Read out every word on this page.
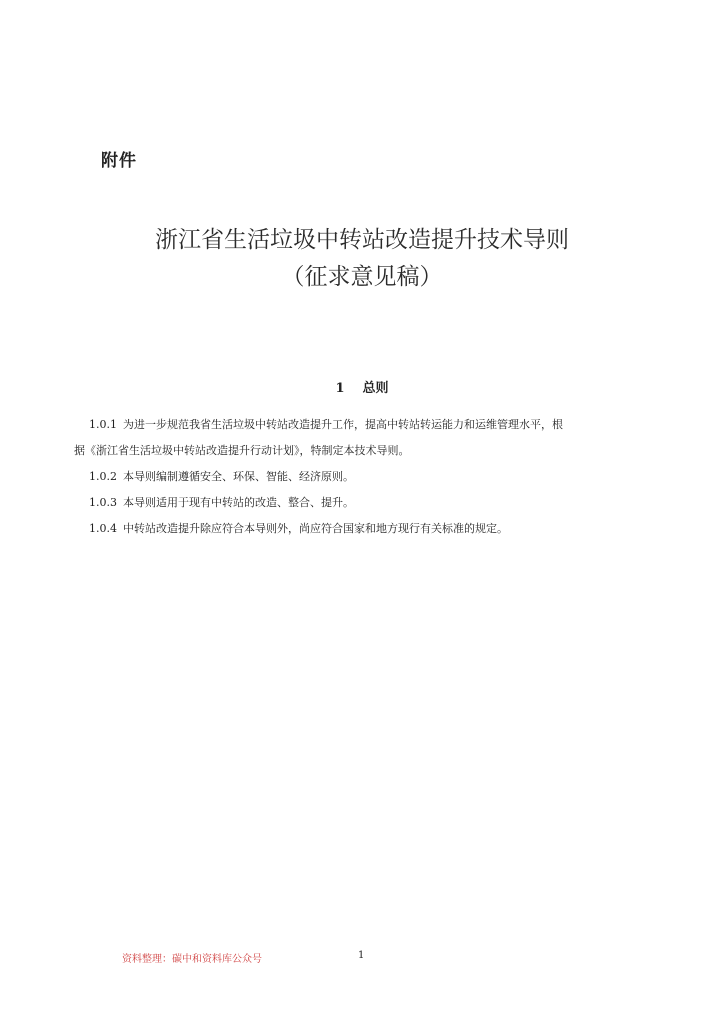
附件
浙江省生活垃圾中转站改造提升技术导则
（征求意见稿）
1 总则

1.0.1 为进一步规范我省生活垃圾中转站改造提升工作，提高中转站转运能力和运维管理水平，根
据《浙江省生活垃圾中转站改造提升行动计划》，特制定本技术导则。

1.0.2 本导则编制遵循安全、环保、智能、经济原则。

1.0.3 本导则适用于现有中转站的改造、整合、提升。

1.0.4 中转站改造提升除应符合本导则外，尚应符合国家和地方现行有关标准的规定。

资料整理：碳中和资料库公众号	1
